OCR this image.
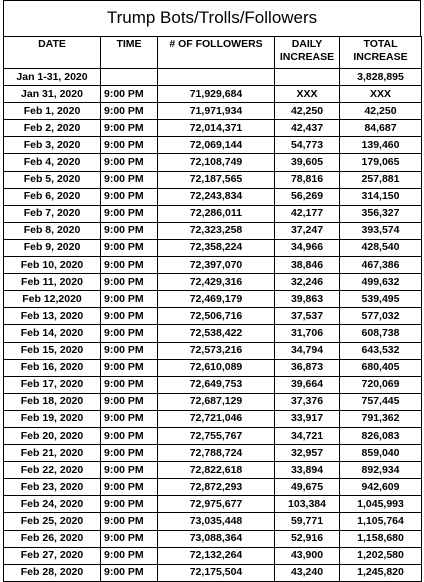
Trump Bots/Trolls/Followers
DATE	TIME	# OF FOLLOWERS	DAILY INCREASE	TOTAL INCREASE
Jan 1-31, 2020				3,828,895
Jan 31, 2020	9:00 PM	71,929,684	XXX	XXX
Feb 1, 2020	9:00 PM	71,971,934	42,250	42,250
Feb 2, 2020	9:00 PM	72,014,371	42,437	84,687
Feb 3, 2020	9:00 PM	72,069,144	54,773	139,460
Feb 4, 2020	9:00 PM	72,108,749	39,605	179,065
Feb 5, 2020	9:00 PM	72,187,565	78,816	257,881
Feb 6, 2020	9:00 PM	72,243,834	56,269	314,150
Feb 7, 2020	9:00 PM	72,286,011	42,177	356,327
Feb 8, 2020	9:00 PM	72,323,258	37,247	393,574
Feb 9, 2020	9:00 PM	72,358,224	34,966	428,540
Feb 10, 2020	9:00 PM	72,397,070	38,846	467,386
Feb 11, 2020	9:00 PM	72,429,316	32,246	499,632
Feb 12,2020	9:00 PM	72,469,179	39,863	539,495
Feb 13, 2020	9:00 PM	72,506,716	37,537	577,032
Feb 14, 2020	9:00 PM	72,538,422	31,706	608,738
Feb 15, 2020	9:00 PM	72,573,216	34,794	643,532
Feb 16, 2020	9:00 PM	72,610,089	36,873	680,405
Feb 17, 2020	9:00 PM	72,649,753	39,664	720,069
Feb 18, 2020	9:00 PM	72,687,129	37,376	757,445
Feb 19, 2020	9:00 PM	72,721,046	33,917	791,362
Feb 20, 2020	9:00 PM	72,755,767	34,721	826,083
Feb 21, 2020	9:00 PM	72,788,724	32,957	859,040
Feb 22, 2020	9:00 PM	72,822,618	33,894	892,934
Feb 23, 2020	9:00 PM	72,872,293	49,675	942,609
Feb 24, 2020	9:00 PM	72,975,677	103,384	1,045,993
Feb 25, 2020	9:00 PM	73,035,448	59,771	1,105,764
Feb 26, 2020	9:00 PM	73,088,364	52,916	1,158,680
Feb 27, 2020	9:00 PM	72,132,264	43,900	1,202,580
Feb 28, 2020	9:00 PM	72,175,504	43,240	1,245,820
